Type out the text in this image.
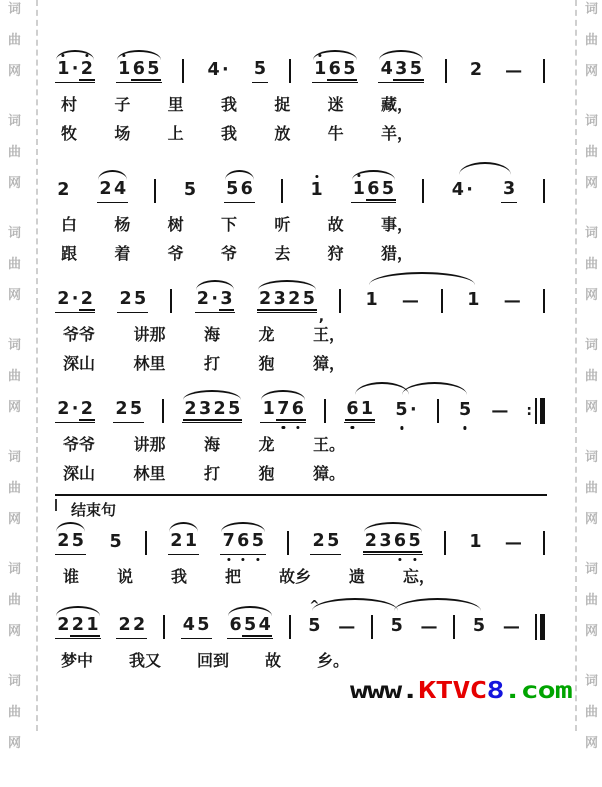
词
曲
网
词
曲
网
词
曲
网
词
曲
网
词
曲
网
词
曲
网
词
曲
网
词
曲
网
词
曲
网
词
曲
网
词
曲
网
词
曲
网
词
曲
网
词
曲
网
1 · 2 1 6 5	4 · 5	1 6 5 4 3 5	2 —
村 子 里 我 捉 迷 藏，
牧 场 上 我 放 牛 羊，
2 2 4	5 5 6	1 1 6 5	4 · 3
白 杨 树 下 听 故 事，
跟 着 爷 爷 去 狩 猎，
2 · 2 2 5	2 · 3 2 3 2 5
,
1 —	1 —
爷爷 讲那 海 龙 王，
深山 林里 打 狍 獐，
2 · 2 2 5 2 3 2 5 1 7 6 6 1 5 · 5 — :
爷爷 讲那 海 龙 王。
深山 林里 打 狍 獐。
2 5 5	2 1 7 6 5	2 5 2 3 6 5	1 —
谁 说 我 把 故乡 遗 忘，
2 2 1 2 2 4 5 6 5 4 5
^
— 5 — 5 —
梦中 我又 回到 故 乡。
结束句
www.KTVC8.com
